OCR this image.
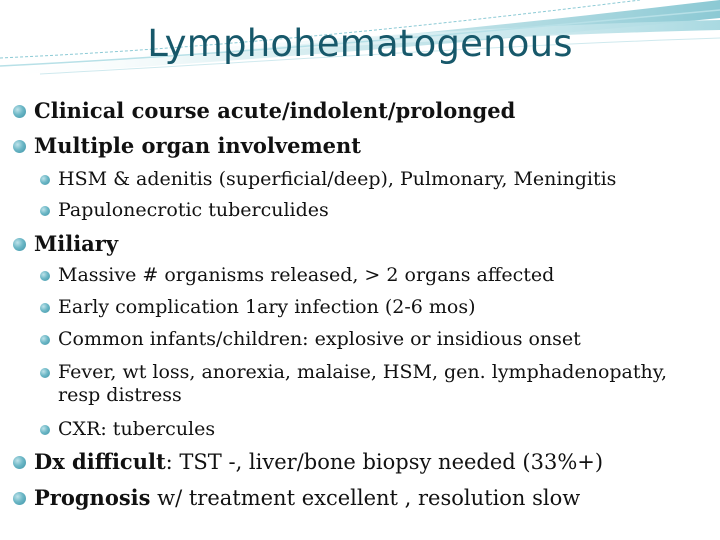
Lymphohematogenous
Clinical course acute/indolent/prolonged
Multiple organ involvement
HSM & adenitis (superficial/deep), Pulmonary, Meningitis
Papulonecrotic tuberculides
Miliary
Massive # organisms released, > 2 organs affected
Early complication 1ary infection (2-6 mos)
Common infants/children: explosive or insidious onset
Fever, wt loss, anorexia, malaise, HSM, gen. lymphadenopathy,
resp distress
CXR: tubercules
Dx difficult: TST -, liver/bone biopsy needed (33%+)
Prognosis w/ treatment excellent , resolution slow
